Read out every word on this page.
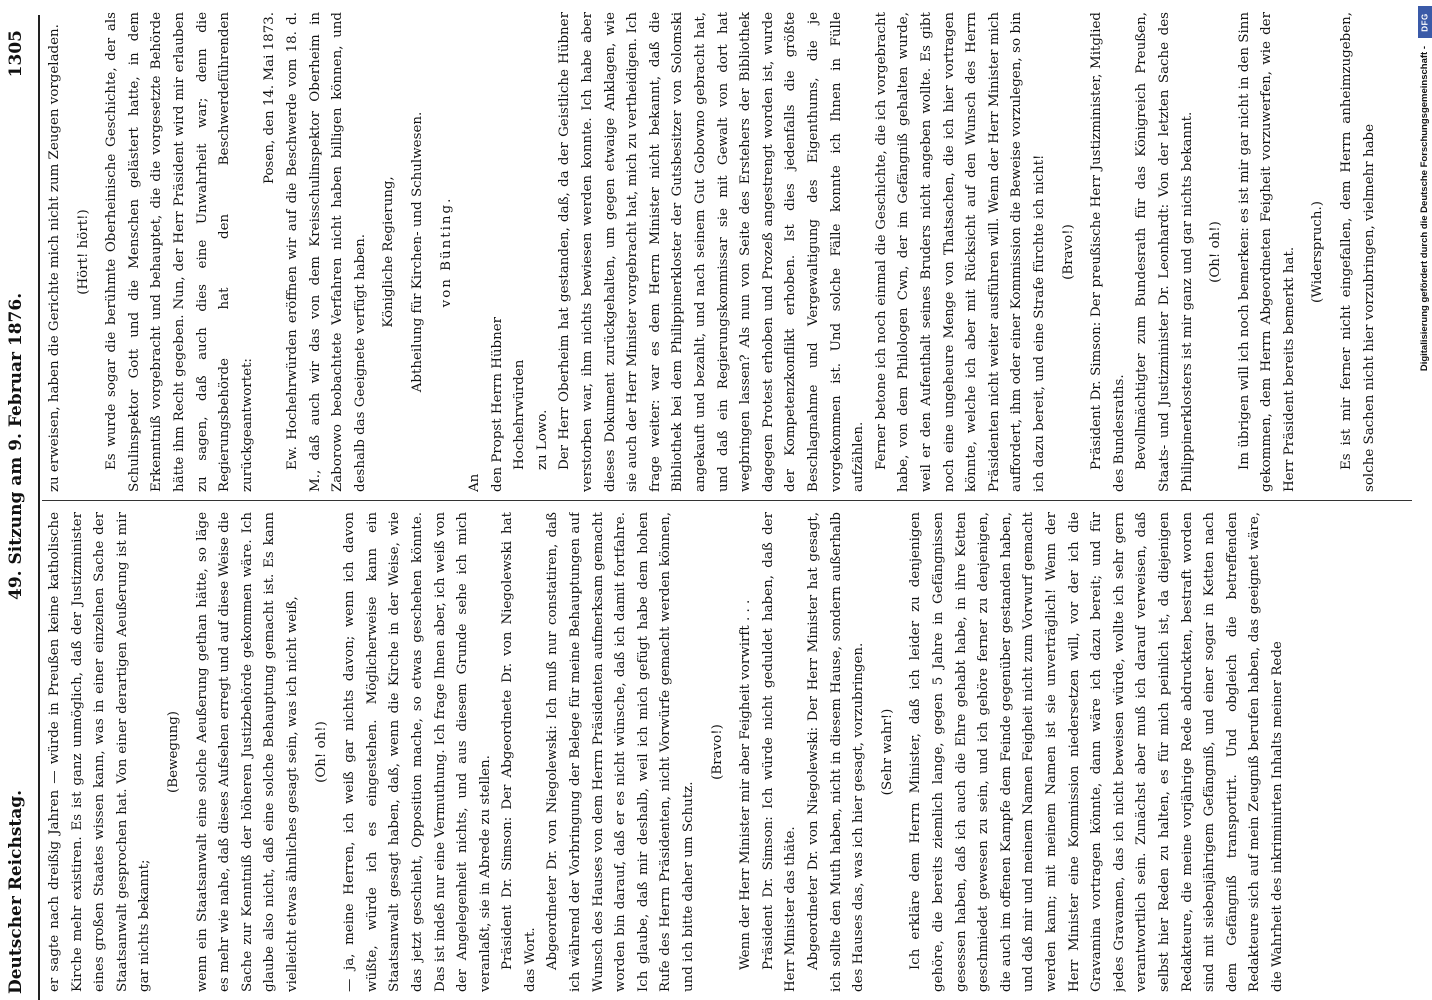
Deutscher Reichstag.
49. Sitzung am 9. Februar 1876.
1305

er sagte nach dreißig Jahren — würde in Preußen keine katholische Kirche mehr existiren. Es ist ganz unmöglich, daß der Justizminister eines großen Staates wissen kann, was in einer einzelnen Sache der Staatsanwalt gesprochen hat. Von einer derartigen Aeußerung ist mir gar nichts bekannt;

(Bewegung)	wenn ein Staatsanwalt eine solche Aeußerung gethan hätte, so läge es mehr wie nahe, daß dieses Aufsehen erregt und auf diese Weise die Sache zur Kenntniß der höheren Justizbehörde gekommen wäre. Ich glaube also nicht, daß eine solche Behauptung gemacht ist. Es kann vielleicht etwas ähnliches gesagt sein, was ich nicht weiß,	(Oh! oh!)	— ja, meine Herren, ich weiß gar nichts davon; wenn ich davon wüßte, würde ich es eingestehen. Möglicherweise kann ein Staatsanwalt gesagt haben, daß, wenn die Kirche in der Weise, wie das jetzt geschieht, Opposition mache, so etwas geschehen könnte. Das ist indeß nur eine Vermuthung. Ich frage Ihnen aber, ich weiß von der Angelegenheit nichts, und aus diesem Grunde sehe ich mich veranlaßt, sie in Abrede zu stellen. Präsident Dr. Simson: Der Abgeordnete Dr. von Niegolewski hat das Wort. Abgeordneter Dr. von Niegolewski: Ich muß nur constatiren, daß ich während der Vorbringung der Belege für meine Behauptungen auf Wunsch des Hauses von dem Herrn Präsidenten aufmerksam gemacht worden bin darauf, daß er es nicht wünsche, daß ich damit fortfahre. Ich glaube, daß mir deshalb, weil ich mich gefügt habe dem hohen Rufe des Herrn Präsidenten, nicht Vorwürfe gemacht werden können, und ich bitte daher um Schutz.

(Bravo!)	Wenn der Herr Minister mir aber Feigheit vorwirft . . . Präsident Dr. Simson: Ich würde nicht geduldet haben, daß der Herr Minister das thäte. Abgeordneter Dr. von Niegolewski: Der Herr Minister hat gesagt, ich sollte den Muth haben, nicht in diesem Hause, sondern außerhalb des Hauses das, was ich hier gesagt, vorzubringen.	(Sehr wahr!)	Ich erkläre dem Herrn Minister, daß ich leider zu denjenigen gehöre, die bereits ziemlich lange, gegen 5 Jahre in Gefängnissen gesessen haben, daß ich auch die Ehre gehabt habe, in ihre Ketten geschmiedet gewesen zu sein, und ich gehöre ferner zu denjenigen, die auch im offenen Kampfe dem Feinde gegenüber gestanden haben, und daß mir und meinem Namen Feigheit nicht zum Vorwurf gemacht werden kann; mit meinem Namen ist sie unverträglich! Wenn der Herr Minister eine Kommission niedersetzen will, vor der ich die Gravamina vortragen könnte, dann wäre ich dazu bereit; und für jedes Gravamen, das ich nicht beweisen würde, wollte ich sehr gern verantwortlich sein. Zunächst aber muß ich darauf verweisen, daß selbst hier Reden zu halten, es für mich peinlich ist, da diejenigen Redakteure, die meine vorjährige Rede abdruckten, bestraft worden sind mit siebenjährigem Gefängniß, und einer sogar in Ketten nach dem Gefängniß transportirt. Und obgleich die betreffenden Redakteure sich auf mein Zeugniß berufen haben, das geeignet wäre, die Wahrheit des inkriminirten Inhalts meiner Rede

zu erweisen, haben die Gerichte mich nicht zum Zeugen vorgeladen.	(Hört! hört!)	Es wurde sogar die berühmte Oberheinische Geschichte, der als Schulinspektor Gott und die Menschen gelästert hatte, in dem Erkenntniß vorgebracht und behauptet, die die vorgesetzte Behörde hätte ihm Recht gegeben. Nun, der Herr Präsident wird mir erlauben zu sagen, daß auch dies eine Unwahrheit war; denn die Regierungsbehörde hat den Beschwerdeführenden zurückgeantwortet:

Posen, den 14. Mai 1873. Ew. Hochehrwürden eröffnen wir auf die Beschwerde vom 18. d. M., daß auch wir das von dem Kreisschulinspektor Oberheim in Zaborowo beobachtete Verfahren nicht haben billigen können, und deshalb das Geeignete verfügt haben.	Königliche Regierung,	Abtheilung für Kirchen- und Schulwesen.	von Bünting.

An den Propst Herrn Hübner Hochehrwürden zu Lowo. Der Herr Oberheim hat gestanden, daß, da der Geistliche Hübner verstorben war, ihm nichts bewiesen werden konnte. Ich habe aber dieses Dokument zurückgehalten, um gegen etwaige Anklagen, wie sie auch der Herr Minister vorgebracht hat, mich zu vertheidigen. Ich frage weiter: war es dem Herrn Minister nicht bekannt, daß die Bibliothek bei dem Philippinerkloster der Gutsbesitzer von Solomski angekauft und bezahlt, und nach seinem Gut Gobowno gebracht hat, und daß ein Regierungskommissar sie mit Gewalt von dort hat wegbringen lassen? Als nun von Seite des Erstehers der Bibliothek dagegen Protest erhoben und Prozeß angestrengt worden ist, wurde der Kompetenzkonflikt erhoben. Ist dies jedenfalls die größte Beschlagnahme und Vergewaltigung des Eigenthums, die je vorgekommen ist. Und solche Fälle konnte ich Ihnen in Fülle aufzählen. Ferner betone ich noch einmal die Geschichte, die ich vorgebracht habe, von dem Philologen Cwn, der im Gefängniß gehalten wurde, weil er den Aufenthalt seines Bruders nicht angeben wollte. Es gibt noch eine ungeheure Menge von Thatsachen, die ich hier vortragen könnte, welche ich aber mit Rücksicht auf den Wunsch des Herrn Präsidenten nicht weiter ausführen will. Wenn der Herr Minister mich auffordert, ihm oder einer Kommission die Beweise vorzulegen, so bin ich dazu bereit, und eine Strafe fürchte ich nicht!	(Bravo!)	Präsident Dr. Simson: Der preußische Herr Justizminister, Mitglied des Bundesraths. Bevollmächtigter zum Bundesrath für das Königreich Preußen, Staats- und Justizminister Dr. Leonhardt: Von der letzten Sache des Philippinerklosters ist mir ganz und gar nichts bekannt.	(Oh! oh!)	Im übrigen will ich noch bemerken: es ist mir gar nicht in den Sinn gekommen, dem Herrn Abgeordneten Feigheit vorzuwerfen, wie der Herr Präsident bereits bemerkt hat.	(Widerspruch.)	Es ist mir ferner nicht eingefallen, dem Herrn anheimzugeben, solche Sachen nicht hier vorzubringen, vielmehr habe	Digitalisierung gefördert durch die Deutsche Forschungsgemeinschaft -
DFG
